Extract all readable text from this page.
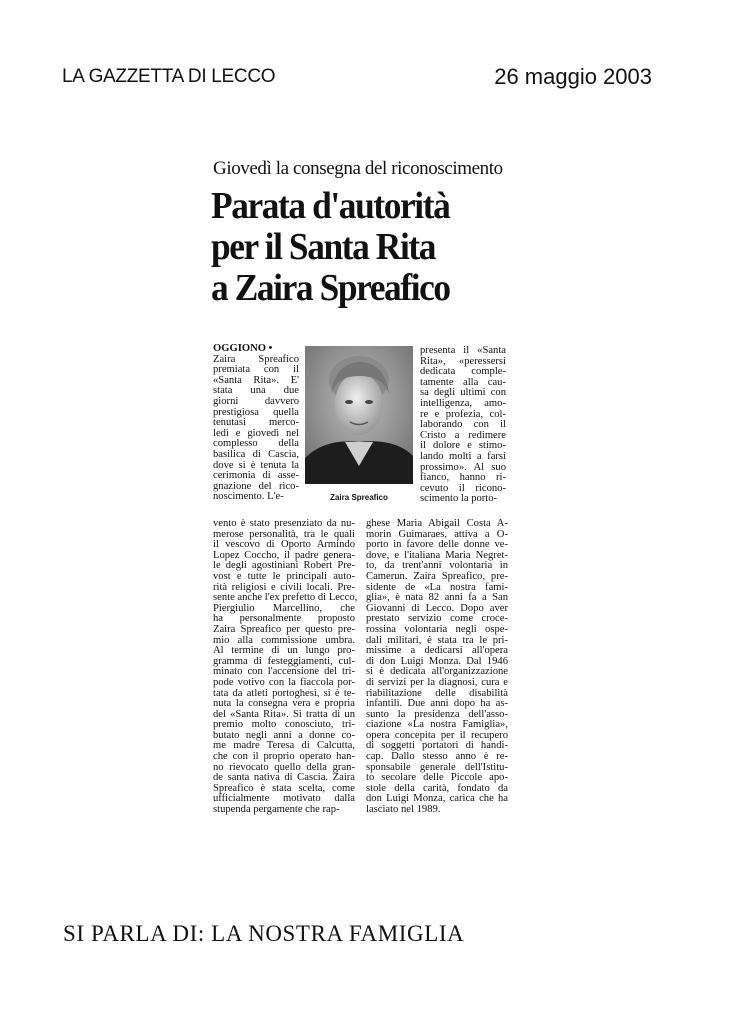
LA GAZZETTA DI LECCO	26 maggio 2003
Giovedì la consegna del riconoscimento
Parata d'autorità
per il Santa Rita
a Zaira Spreafico
OGGIONO •
Zaira Spreafico
premiata con il
«Santa Rita». E'
stata una due
giorni davvero
prestigiosa quella
tenutasi merco-
ledì e giovedì nel
complesso della
basilica di Cascia,
dove si è tenuta la
cerimonia di asse-
gnazione del rico-
noscimento. L'e-	Zaira Spreafico
presenta il «Santa
Rita», «peressersi
dedicata comple-
tamente alla cau-
sa degli ultimi con
intelligenza, amo-
re e profezia, col-
laborando con il
Cristo a redimere
il dolore e stimo-
lando molti a farsi
prossimo». Al suo
fianco, hanno ri-
cevuto il ricono-
scimento la porto-
vento è stato presenziato da nu-
merose personalità, tra le quali
il vescovo di Oporto Armindo
Lopez Coccho, il padre genera-
le degli agostiniani Robert Pre-
vost e tutte le principali auto-
rità religiosi e civili locali. Pre-
sente anche l'ex prefetto di Lecco,
Piergiulio Marcellino, che
ha personalmente proposto
Zaira Spreafico per questo pre-
mio alla commissione umbra.
Al termine di un lungo pro-
gramma di festeggiamenti, cul-
minato con l'accensione del tri-
pode votivo con la fiaccola por-
tata da atleti portoghesi, si è te-
nuta la consegna vera e propria
del «Santa Rita». Si tratta di un
premio molto conosciuto, tri-
butato negli anni a donne co-
me madre Teresa di Calcutta,
che con il proprio operato han-
no rievocato quello della gran-
de santa nativa di Cascia. Zaira
Spreafico è stata scelta, come
ufficialmente motivato dalla
stupenda pergamente che rap-
ghese Maria Abigail Costa A-
morin Guimaraes, attiva a O-
porto in favore delle donne ve-
dove, e l'italiana Maria Negret-
to, da trent'anni volontaria in
Camerun. Zaira Spreafico, pre-
sidente de «La nostra fami-
glia», è nata 82 anni fa a San
Giovanni di Lecco. Dopo aver
prestato servizio come croce-
rossina volontaria negli ospe-
dali militari, è stata tra le pri-
missime a dedicarsi all'opera
di don Luigi Monza. Dal 1946
si è dedicata all'organizzazione
di servizi per la diagnosi, cura e
riabilitazione delle disabilità
infantili. Due anni dopo ha as-
sunto la presidenza dell'asso-
ciazione «La nostra Famiglia»,
opera concepita per il recupero
di soggetti portatori di handi-
cap. Dallo stesso anno è re-
sponsabile generale dell'Istitu-
to secolare delle Piccole apo-
stole della carità, fondato da
don Luigi Monza, carica che ha
lasciato nel 1989.
SI PARLA DI: LA NOSTRA FAMIGLIA
